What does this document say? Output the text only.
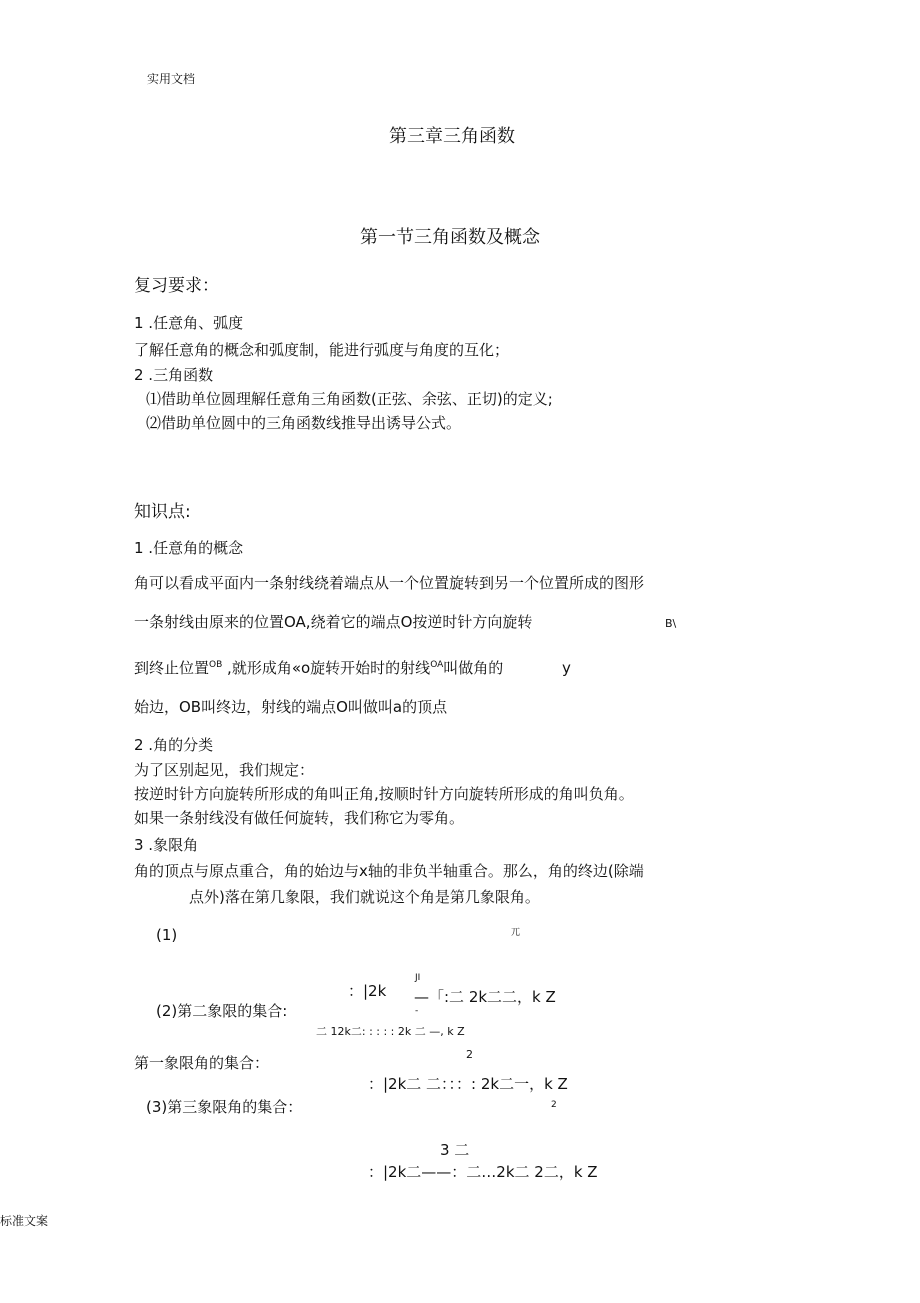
实用文档
第三章三角函数
第一节三角函数及概念
复习要求：
1 .任意角、弧度
了解任意角的概念和弧度制，能进行弧度与角度的互化；
2 .三角函数
⑴借助单位圆理解任意角三角函数(正弦、余弦、正切)的定义;
⑵借助单位圆中的三角函数线推导出诱导公式。
知识点:
1 .任意角的概念
角可以看成平面内一条射线绕着端点从一个位置旋转到另一个位置所成的图形
一条射线由原来的位置OA,绕着它的端点O按逆时针方向旋转	B\
到终止位置$^{OB}$ ,就形成角«o旋转开始时的射线$^{OA}$叫做角的	y
始边，OB叫终边，射线的端点O叫做叫a的顶点
2 .角的分类
为了区别起见，我们规定：
按逆时针方向旋转所形成的角叫正角,按顺时针方向旋转所形成的角叫负角。
如果一条射线没有做任何旋转，我们称它为零角。
3 .象限角
角的顶点与原点重合，角的始边与x轴的非负半轴重合。那么，角的终边(除端
点外)落在第几象限，我们就说这个角是第几象限角。
(1)	兀
JI
：|2k —「:二 2k二二，k Z
-
(2)第二象限的集合:
二 12k二: : : : : 2k 二 —, k Z
2
第一象限角的集合：
：|2k二 二：：：: 2k二一，k Z
2
(3)第三象限角的集合：
3 二
：|2k二——：二…2k二 2二，k Z
标准文案
